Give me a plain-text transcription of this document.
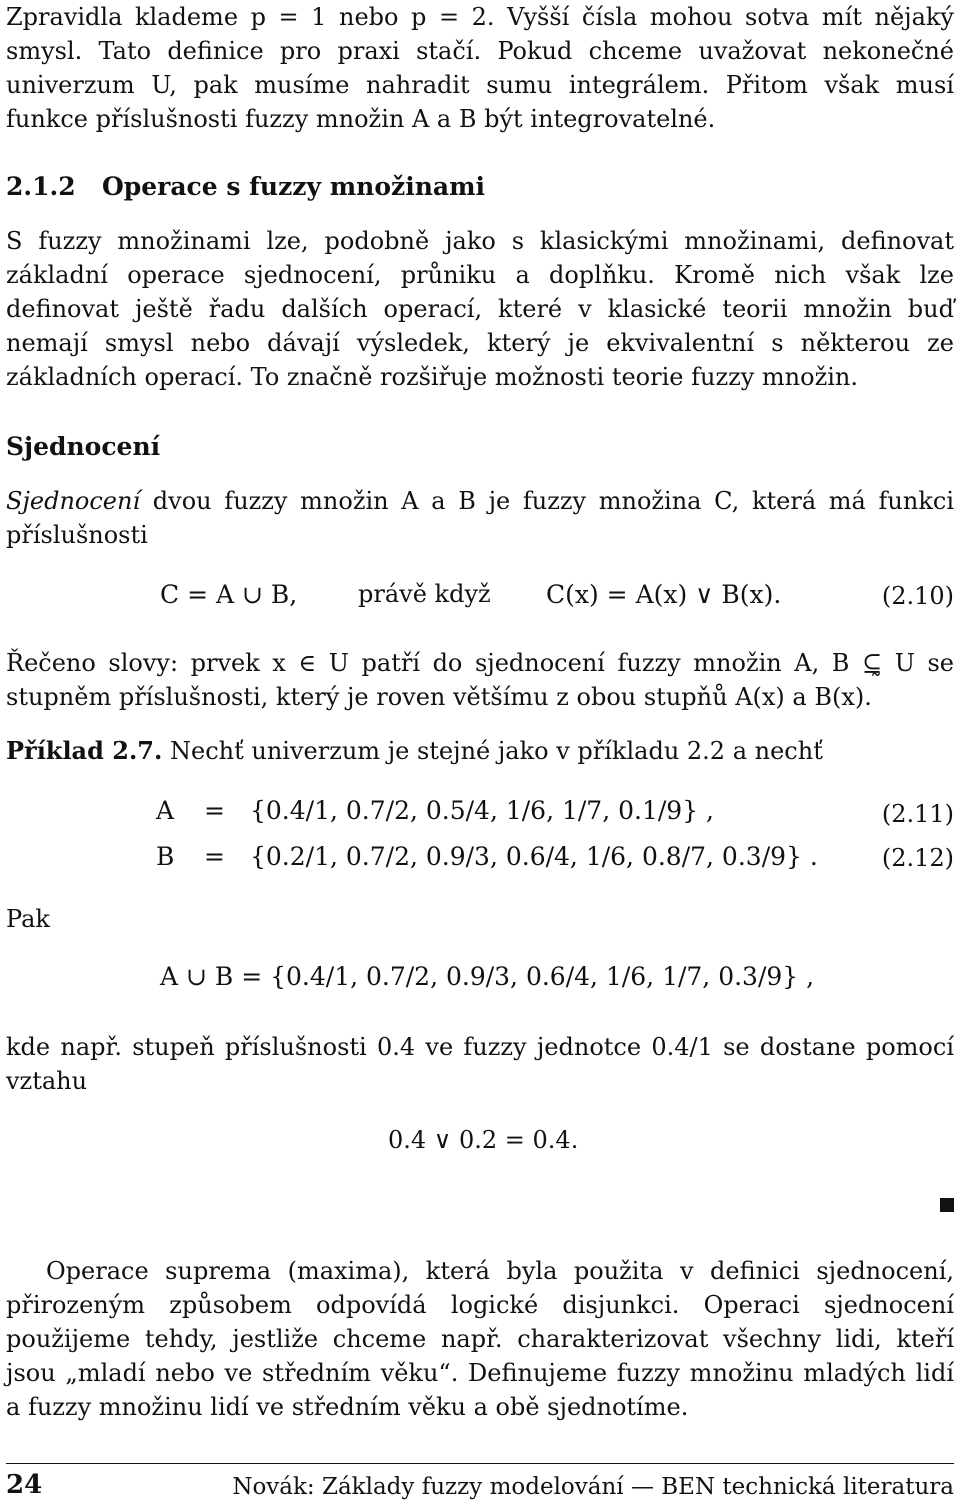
Zpravidla klademe p = 1 nebo p = 2. Vyšší čísla mohou sotva mít nějaký smysl. Tato definice pro praxi stačí. Pokud chceme uvažovat nekonečné univerzum U, pak musíme nahradit sumu integrálem. Přitom však musí funkce příslušnosti fuzzy množin A a B být integrovatelné.

2.1.2 Operace s fuzzy množinami

S fuzzy množinami lze, podobně jako s klasickými množinami, definovat základní operace sjednocení, průniku a doplňku. Kromě nich však lze definovat ještě řadu dalších operací, které v klasické teorii množin buď nemají smysl nebo dávají výsledek, který je ekvivalentní s některou ze základních operací. To značně rozšiřuje možnosti teorie fuzzy množin.

Sjednocení

Sjednocení dvou fuzzy množin A a B je fuzzy množina C, která má funkci příslušnosti

C = A ∪ B,	právě když C(x) = A(x) ∨ B(x).	(2.10)

Řečeno slovy: prvek x ∈ U patří do sjednocení fuzzy množin A, B ⊆̰ U se stupněm příslušnosti, který je roven většímu z obou stupňů A(x) a B(x).

Příklad 2.7. Nechť univerzum je stejné jako v příkladu 2.2 a nechť

A = {0.4/1, 0.7/2, 0.5/4, 1/6, 1/7, 0.1/9} ,	(2.11)
B = {0.2/1, 0.7/2, 0.9/3, 0.6/4, 1/6, 0.8/7, 0.3/9} .	(2.12)

Pak

A ∪ B = {0.4/1, 0.7/2, 0.9/3, 0.6/4, 1/6, 1/7, 0.3/9} ,

kde např. stupeň příslušnosti 0.4 ve fuzzy jednotce 0.4/1 se dostane pomocí vztahu

0.4 ∨ 0.2 = 0.4.

Operace suprema (maxima), která byla použita v definici sjednocení, přirozeným způsobem odpovídá logické disjunkci. Operaci sjednocení použijeme tehdy, jestliže chceme např. charakterizovat všechny lidi, kteří jsou „mladí nebo ve středním věku“. Definujeme fuzzy množinu mladých lidí a fuzzy množinu lidí ve středním věku a obě sjednotíme.

24	Novák: Základy fuzzy modelování — BEN technická literatura
